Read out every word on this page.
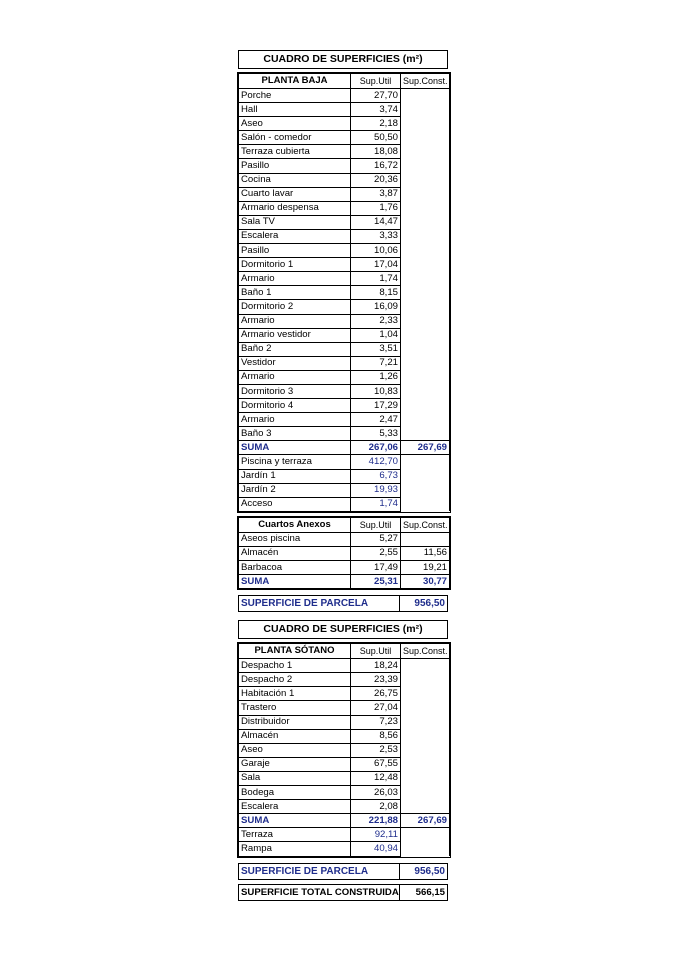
CUADRO DE SUPERFICIES (m²)
PLANTA BAJA	Sup.Util	Sup.Const.
Porche	27,70	
Hall	3,74	
Aseo	2,18	
Salón - comedor	50,50	
Terraza cubierta	18,08	
Pasillo	16,72	
Cocina	20,36	
Cuarto lavar	3,87	
Armario despensa	1,76	
Sala TV	14,47	
Escalera	3,33	
Pasillo	10,06	
Dormitorio 1	17,04	
Armario	1,74	
Baño 1	8,15	
Dormitorio 2	16,09	
Armario	2,33	
Armario vestidor	1,04	
Baño 2	3,51	
Vestidor	7,21	
Armario	1,26	
Dormitorio 3	10,83	
Dormitorio 4	17,29	
Armario	2,47	
Baño 3	5,33	
SUMA	267,06	267,69
Piscina y terraza	412,70	
Jardín 1	6,73	
Jardín 2	19,93	
Acceso	1,74	
Cuartos Anexos	Sup.Util	Sup.Const.
Aseos piscina	5,27	
Almacén	2,55	11,56
Barbacoa	17,49	19,21
SUMA	25,31	30,77
SUPERFICIE DE PARCELA	956,50
CUADRO DE SUPERFICIES (m²)
PLANTA SÓTANO	Sup.Util	Sup.Const.
Despacho 1	18,24	
Despacho 2	23,39	
Habitación 1	26,75	
Trastero	27,04	
Distribuidor	7,23	
Almacén	8,56	
Aseo	2,53	
Garaje	67,55	
Sala	12,48	
Bodega	26,03	
Escalera	2,08	
SUMA	221,88	267,69
Terraza	92,11	
Rampa	40,94	
SUPERFICIE DE PARCELA	956,50
SUPERFICIE TOTAL CONSTRUIDA	566,15
